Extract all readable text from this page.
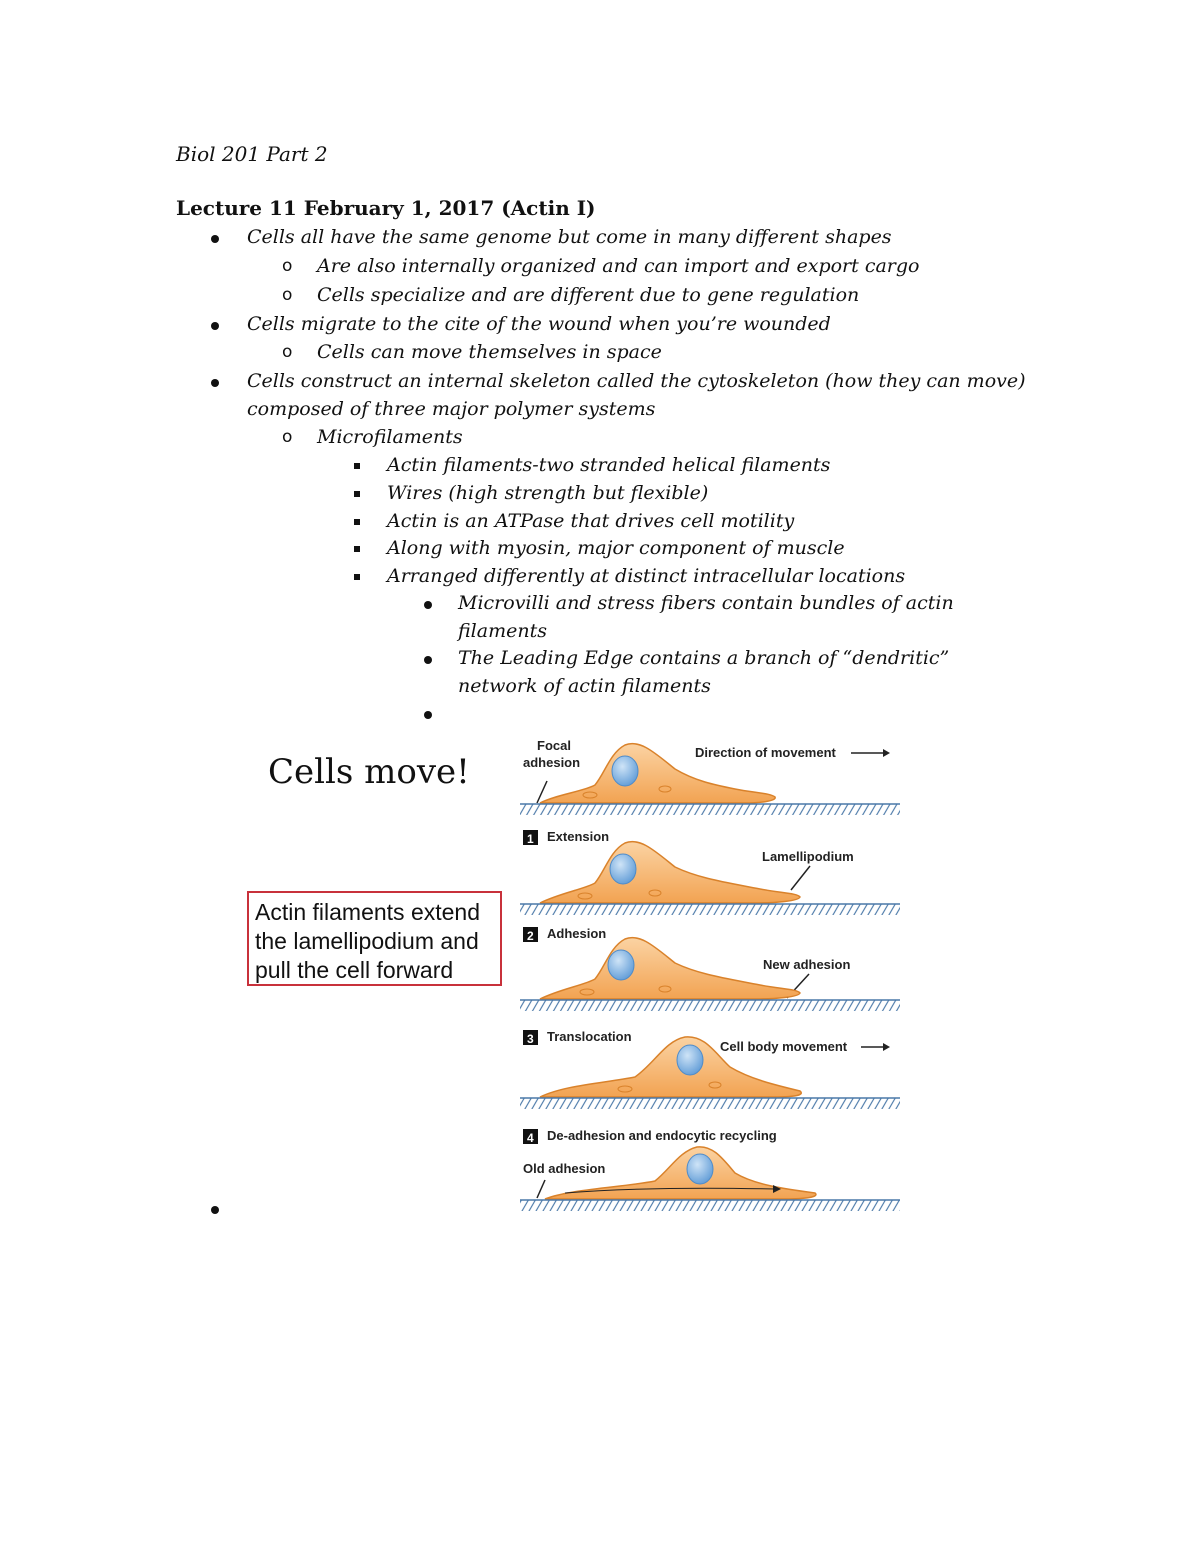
Biol 201 Part 2
Lecture 11 February 1, 2017 (Actin I)
Cells all have the same genome but come in many different shapes
o Are also internally organized and can import and export cargo
o Cells specialize and are different due to gene regulation
Cells migrate to the cite of the wound when you’re wounded
o Cells can move themselves in space
Cells construct an internal skeleton called the cytoskeleton (how they can move)
composed of three major polymer systems
o Microfilaments
Actin filaments-two stranded helical filaments
Wires (high strength but flexible)
Actin is an ATPase that drives cell motility
Along with myosin, major component of muscle
Arranged differently at distinct intracellular locations
Microvilli and stress fibers contain bundles of actin
filaments
The Leading Edge contains a branch of “dendritic”
network of actin filaments
Cells move!
Actin filaments extend
the lamellipodium and
pull the cell forward
Focal
adhesion
Direction of movement
1 Extension
Lamellipodium
2 Adhesion
New adhesion
3 Translocation
Cell body movement
4 De-adhesion and endocytic recycling
Old adhesion
